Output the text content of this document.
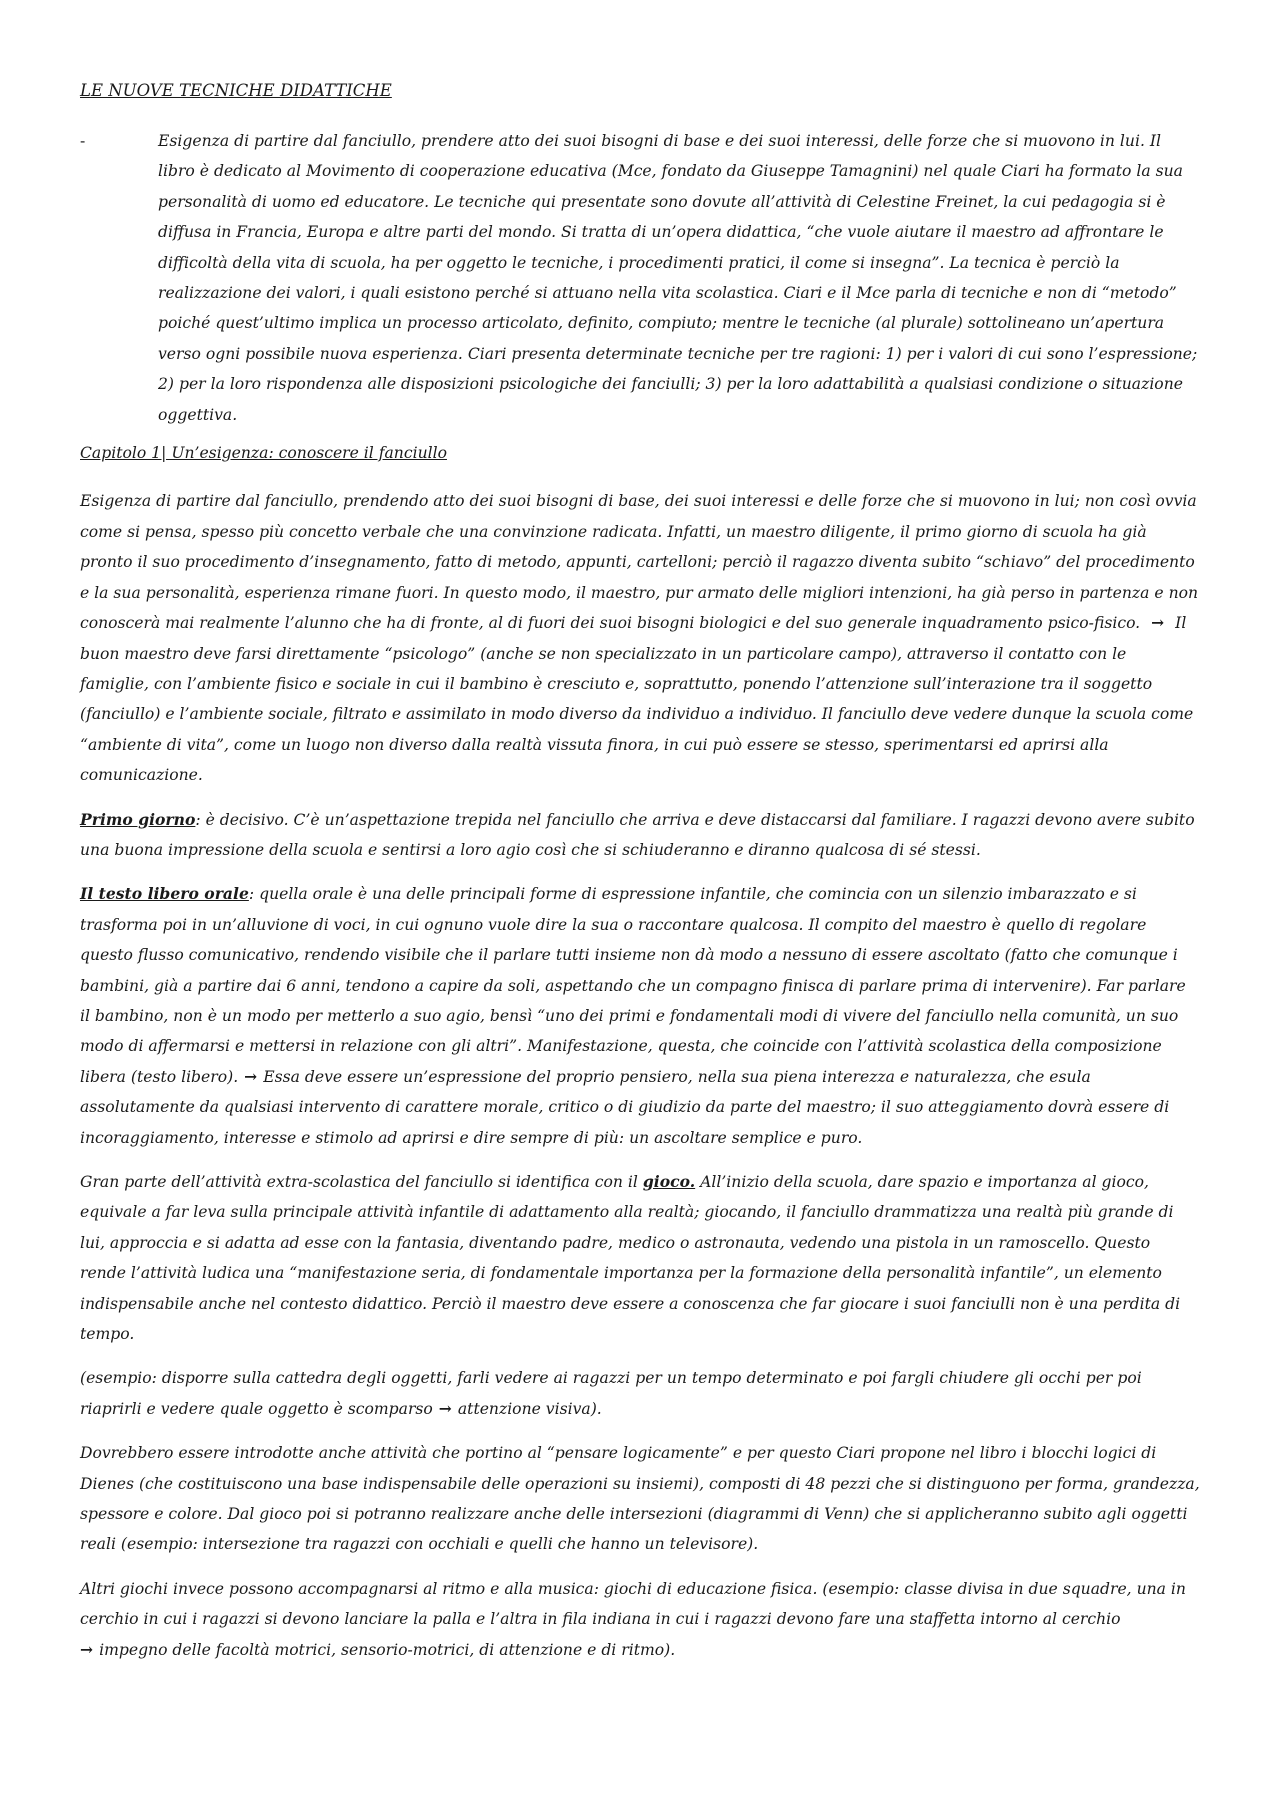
LE NUOVE TECNICHE DIDATTICHE
-	Esigenza di partire dal fanciullo, prendere atto dei suoi bisogni di base e dei suoi interessi, delle forze che si muovono in lui. Il libro è dedicato al Movimento di cooperazione educativa (Mce, fondato da Giuseppe Tamagnini) nel quale Ciari ha formato la sua personalità di uomo ed educatore. Le tecniche qui presentate sono dovute all’attività di Celestine Freinet, la cui pedagogia si è diffusa in Francia, Europa e altre parti del mondo. Si tratta di un’opera didattica, “che vuole aiutare il maestro ad affrontare le difficoltà della vita di scuola, ha per oggetto le tecniche, i procedimenti pratici, il come si insegna”. La tecnica è perciò la realizzazione dei valori, i quali esistono perché si attuano nella vita scolastica. Ciari e il Mce parla di tecniche e non di “metodo” poiché quest’ultimo implica un processo articolato, definito, compiuto; mentre le tecniche (al plurale) sottolineano un’apertura verso ogni possibile nuova esperienza. Ciari presenta determinate tecniche per tre ragioni: 1) per i valori di cui sono l’espressione; 2) per la loro rispondenza alle disposizioni psicologiche dei fanciulli; 3) per la loro adattabilità a qualsiasi condizione o situazione oggettiva.
Capitolo 1| Un’esigenza: conoscere il fanciullo

Esigenza di partire dal fanciullo, prendendo atto dei suoi bisogni di base, dei suoi interessi e delle forze che si muovono in lui; non così ovvia come si pensa, spesso più concetto verbale che una convinzione radicata. Infatti, un maestro diligente, il primo giorno di scuola ha già pronto il suo procedimento d’insegnamento, fatto di metodo, appunti, cartelloni; perciò il ragazzo diventa subito “schiavo” del procedimento e la sua personalità, esperienza rimane fuori. In questo modo, il maestro, pur armato delle migliori intenzioni, ha già perso in partenza e non conoscerà mai realmente l’alunno che ha di fronte, al di fuori dei suoi bisogni biologici e del suo generale inquadramento psico-fisico. → Il buon maestro deve farsi direttamente “psicologo” (anche se non specializzato in un particolare campo), attraverso il contatto con le famiglie, con l’ambiente fisico e sociale in cui il bambino è cresciuto e, soprattutto, ponendo l’attenzione sull’interazione tra il soggetto (fanciullo) e l’ambiente sociale, filtrato e assimilato in modo diverso da individuo a individuo. Il fanciullo deve vedere dunque la scuola come “ambiente di vita”, come un luogo non diverso dalla realtà vissuta finora, in cui può essere se stesso, sperimentarsi ed aprirsi alla comunicazione.

Primo giorno: è decisivo. C’è un’aspettazione trepida nel fanciullo che arriva e deve distaccarsi dal familiare. I ragazzi devono avere subito una buona impressione della scuola e sentirsi a loro agio così che si schiuderanno e diranno qualcosa di sé stessi.

Il testo libero orale: quella orale è una delle principali forme di espressione infantile, che comincia con un silenzio imbarazzato e si trasforma poi in un’alluvione di voci, in cui ognuno vuole dire la sua o raccontare qualcosa. Il compito del maestro è quello di regolare questo flusso comunicativo, rendendo visibile che il parlare tutti insieme non dà modo a nessuno di essere ascoltato (fatto che comunque i bambini, già a partire dai 6 anni, tendono a capire da soli, aspettando che un compagno finisca di parlare prima di intervenire). Far parlare il bambino, non è un modo per metterlo a suo agio, bensì “uno dei primi e fondamentali modi di vivere del fanciullo nella comunità, un suo modo di affermarsi e mettersi in relazione con gli altri”. Manifestazione, questa, che coincide con l’attività scolastica della composizione libera (testo libero). → Essa deve essere un’espressione del proprio pensiero, nella sua piena interezza e naturalezza, che esula assolutamente da qualsiasi intervento di carattere morale, critico o di giudizio da parte del maestro; il suo atteggiamento dovrà essere di incoraggiamento, interesse e stimolo ad aprirsi e dire sempre di più: un ascoltare semplice e puro.

Gran parte dell’attività extra-scolastica del fanciullo si identifica con il gioco. All’inizio della scuola, dare spazio e importanza al gioco, equivale a far leva sulla principale attività infantile di adattamento alla realtà; giocando, il fanciullo drammatizza una realtà più grande di lui, approccia e si adatta ad esse con la fantasia, diventando padre, medico o astronauta, vedendo una pistola in un ramoscello. Questo rende l’attività ludica una “manifestazione seria, di fondamentale importanza per la formazione della personalità infantile”, un elemento indispensabile anche nel contesto didattico. Perciò il maestro deve essere a conoscenza che far giocare i suoi fanciulli non è una perdita di tempo.

(esempio: disporre sulla cattedra degli oggetti, farli vedere ai ragazzi per un tempo determinato e poi fargli chiudere gli occhi per poi riaprirli e vedere quale oggetto è scomparso → attenzione visiva).

Dovrebbero essere introdotte anche attività che portino al “pensare logicamente” e per questo Ciari propone nel libro i blocchi logici di Dienes (che costituiscono una base indispensabile delle operazioni su insiemi), composti di 48 pezzi che si distinguono per forma, grandezza, spessore e colore. Dal gioco poi si potranno realizzare anche delle intersezioni (diagrammi di Venn) che si applicheranno subito agli oggetti reali (esempio: intersezione tra ragazzi con occhiali e quelli che hanno un televisore).

Altri giochi invece possono accompagnarsi al ritmo e alla musica: giochi di educazione fisica. (esempio: classe divisa in due squadre, una in cerchio in cui i ragazzi si devono lanciare la palla e l’altra in fila indiana in cui i ragazzi devono fare una staffetta intorno al cerchio
→ impegno delle facoltà motrici, sensorio-motrici, di attenzione e di ritmo).
